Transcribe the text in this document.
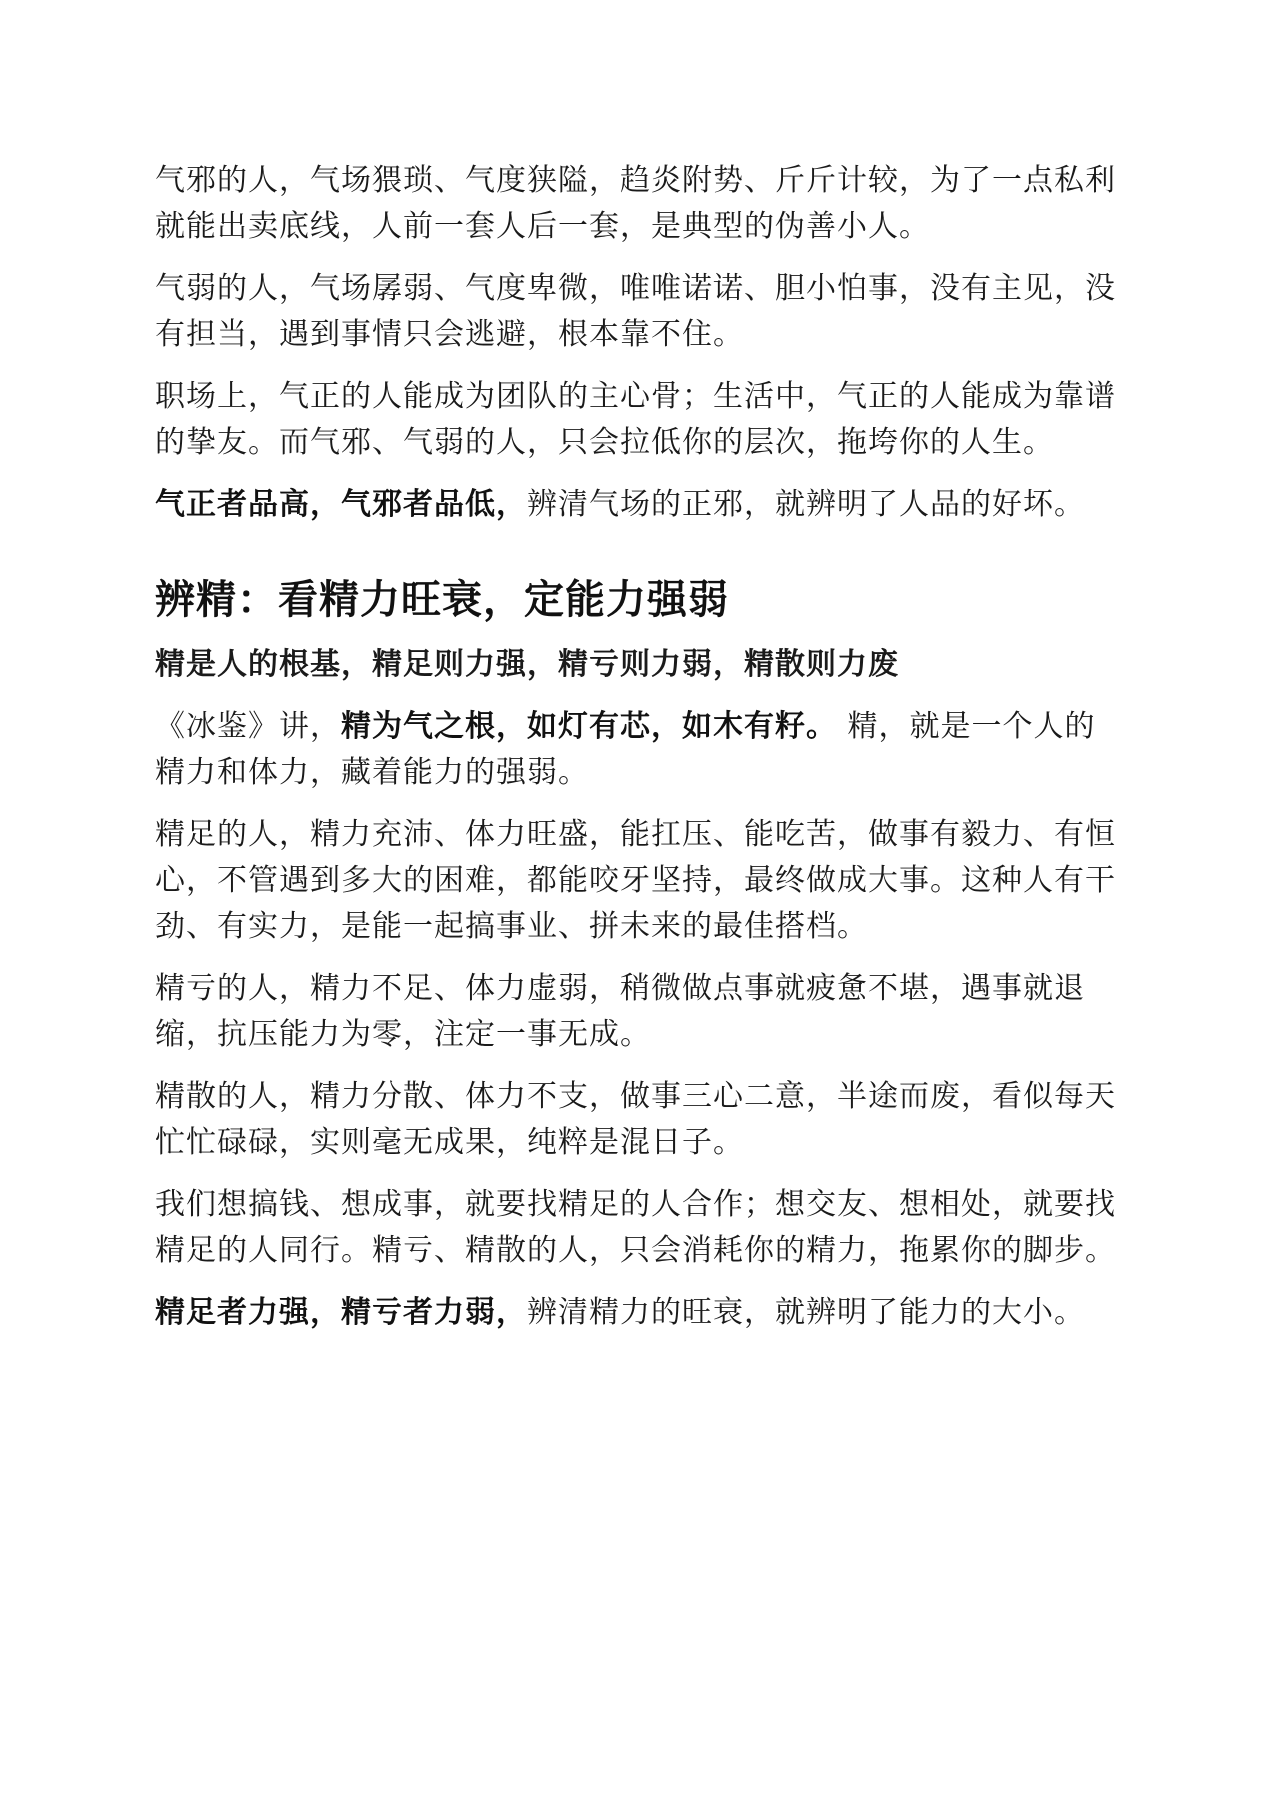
气邪的人，气场猥琐、气度狭隘，趋炎附势、斤斤计较，为了一点私利就能出卖底线，人前一套人后一套，是典型的伪善小人。

气弱的人，气场孱弱、气度卑微，唯唯诺诺、胆小怕事，没有主见，没有担当，遇到事情只会逃避，根本靠不住。

职场上，气正的人能成为团队的主心骨；生活中，气正的人能成为靠谱的挚友。而气邪、气弱的人，只会拉低你的层次，拖垮你的人生。

气正者品高，气邪者品低，辨清气场的正邪，就辨明了人品的好坏。

辨精：看精力旺衰，定能力强弱

精是人的根基，精足则力强，精亏则力弱，精散则力废

《冰鉴》讲，精为气之根，如灯有芯，如木有籽。 精，就是一个人的精力和体力，藏着能力的强弱。

精足的人，精力充沛、体力旺盛，能扛压、能吃苦，做事有毅力、有恒心，不管遇到多大的困难，都能咬牙坚持，最终做成大事。这种人有干劲、有实力，是能一起搞事业、拼未来的最佳搭档。

精亏的人，精力不足、体力虚弱，稍微做点事就疲惫不堪，遇事就退缩，抗压能力为零，注定一事无成。

精散的人，精力分散、体力不支，做事三心二意，半途而废，看似每天忙忙碌碌，实则毫无成果，纯粹是混日子。

我们想搞钱、想成事，就要找精足的人合作；想交友、想相处，就要找精足的人同行。精亏、精散的人，只会消耗你的精力，拖累你的脚步。

精足者力强，精亏者力弱，辨清精力的旺衰，就辨明了能力的大小。
